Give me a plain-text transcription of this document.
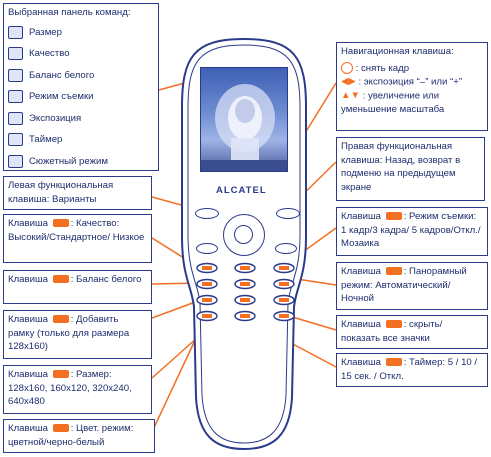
ALCATEL
Выбранная панель команд:
Размер
Качество
Баланс белого
Режим съемки
Экспозиция
Таймер
Сюжетный режим
Левая функциональная клавиша: Варианты
Клавиша : Качество: Высокий/Стандартное/ Низкое
Клавиша : Баланс белого
Клавиша : Добавить рамку (только для размера 128x160)
Клавиша : Размер: 128x160, 160x120, 320x240, 640x480
Клавиша : Цвет. режим: цветной/черно-белый
Навигационная клавиша:
: снять кадр
◀▶ : экспозиция “–” или “+”
▲▼ : увеличение или уменьшение масштаба
Правая функциональная клавиша: Назад, возврат в подменю на предыдущем экране
Клавиша : Режим съемки: 1 кадр/3 кадра/ 5 кадров/Откл./ Мозаика
Клавиша : Панорамный режим: Автоматический/Ночной
Клавиша : скрыть/ показать все значки
Клавиша : Таймер: 5 / 10 / 15 сек. / Откл.
